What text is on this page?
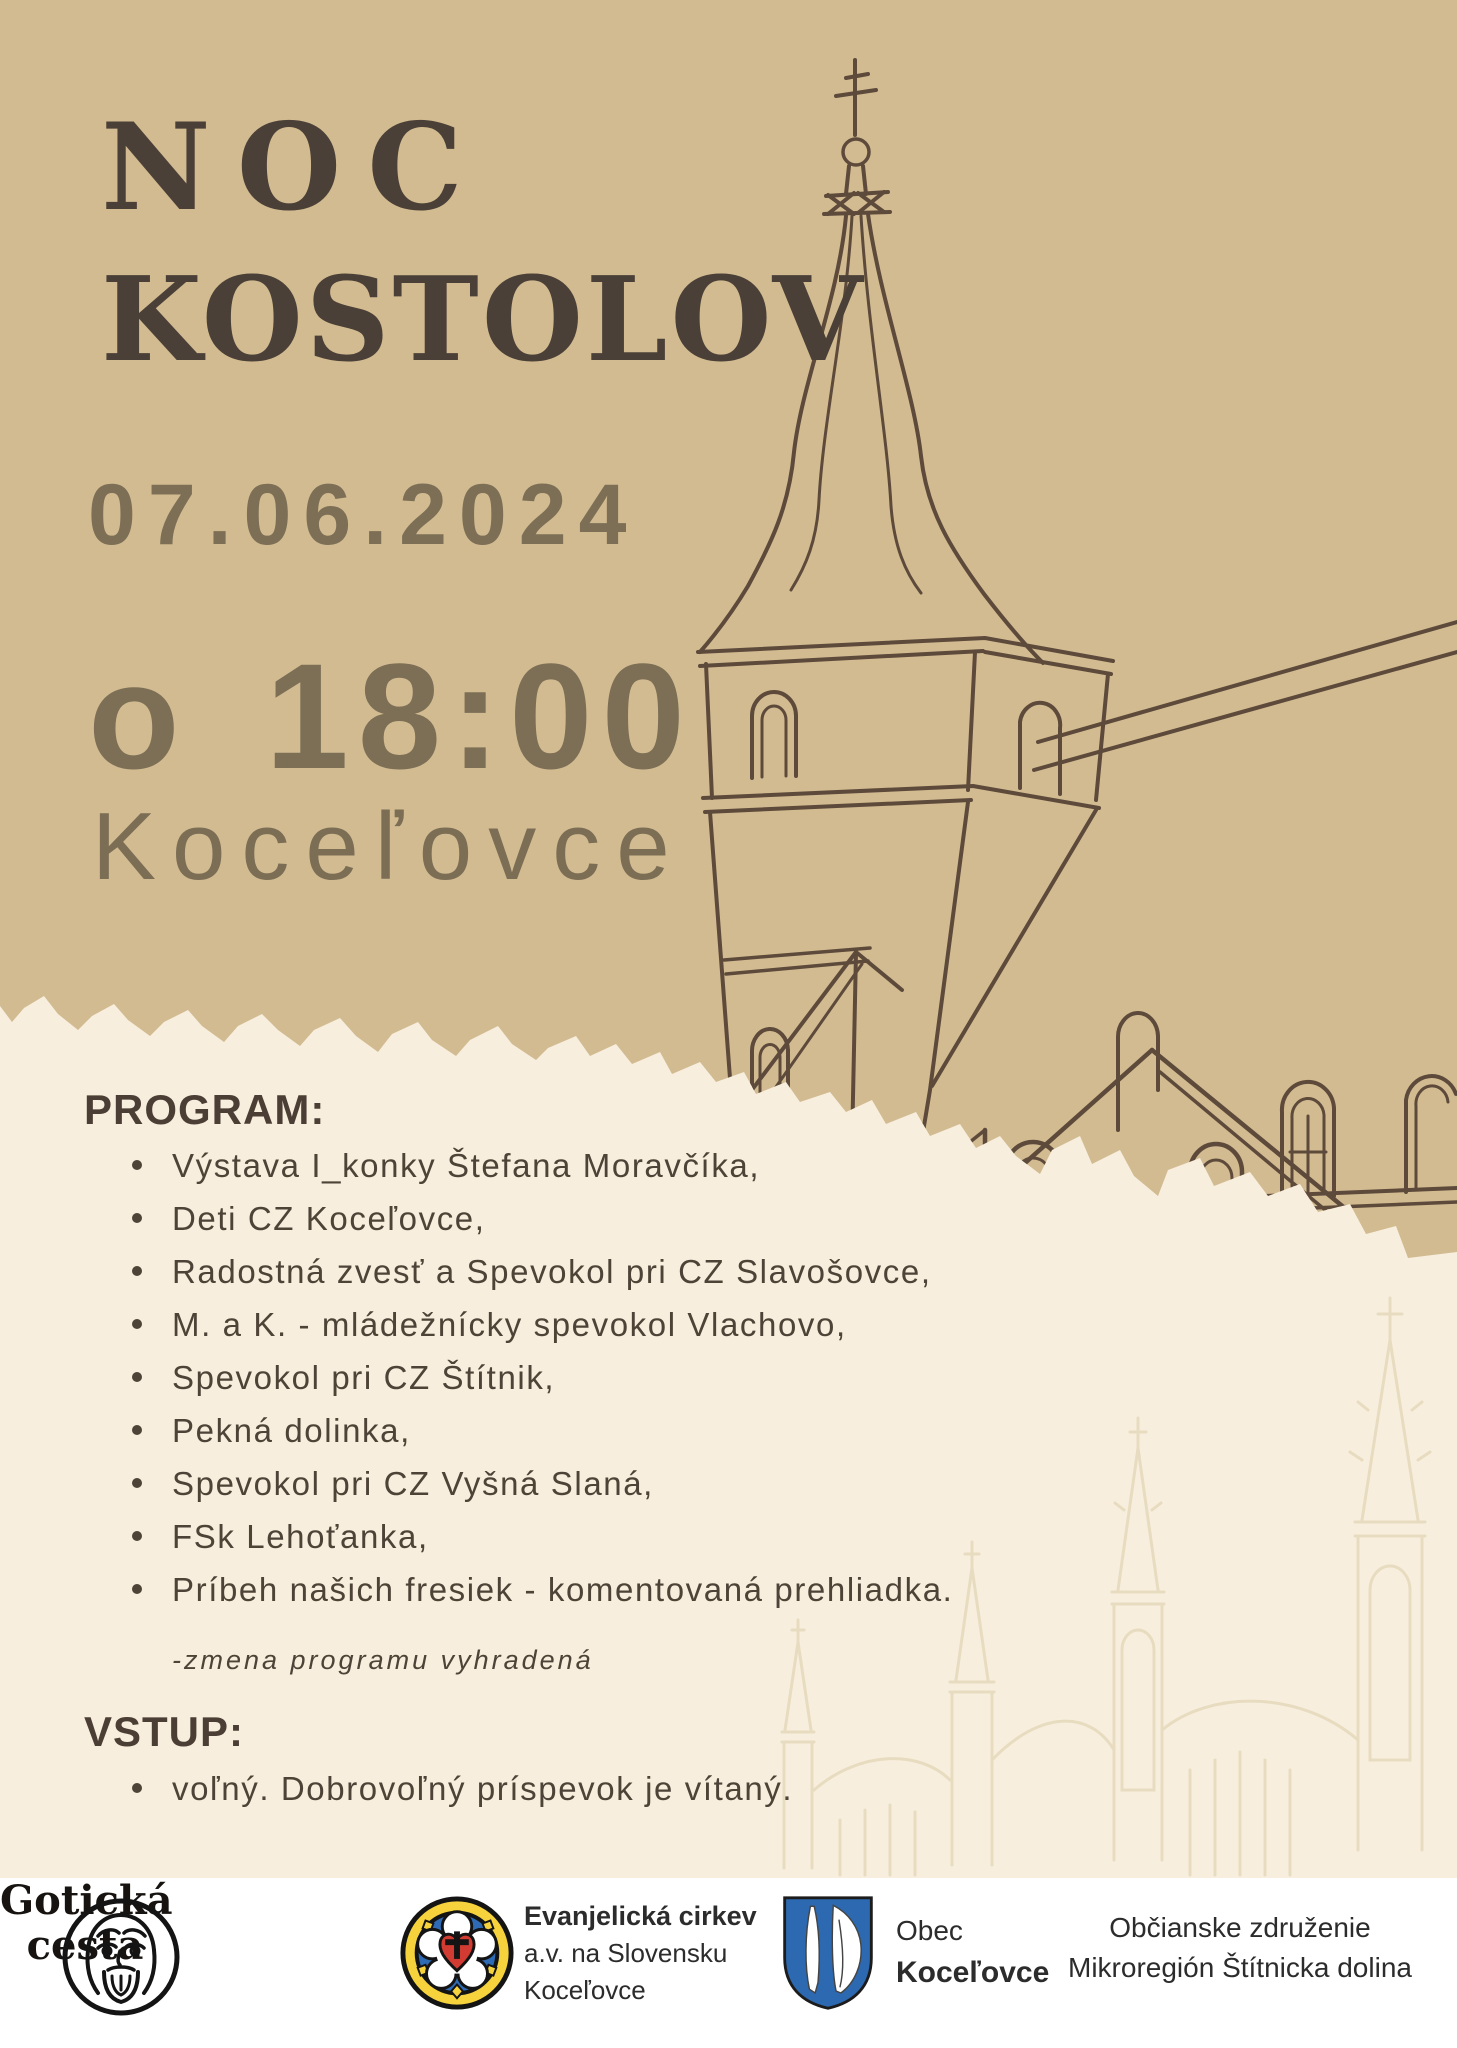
NOC
KOSTOLOV
07.06.2024
o 18:00
Koceľovce
PROGRAM:
Výstava I_konky Štefana Moravčíka,
Deti CZ Koceľovce,
Radostná zvesť a Spevokol pri CZ Slavošovce,
M. a K. - mládežnícky spevokol Vlachovo,
Spevokol pri CZ Štítnik,
Pekná dolinka,
Spevokol pri CZ Vyšná Slaná,
FSk Lehoťanka,
Príbeh našich fresiek - komentovaná prehliadka.
-zmena programu vyhradená
VSTUP:
voľný. Dobrovoľný príspevok je vítaný.
Gotická
cesta
Evanjelická cirkev
a.v. na Slovensku
Koceľovce
Obec
Koceľovce
Občianske združenie
Mikroregión Štítnicka dolina
